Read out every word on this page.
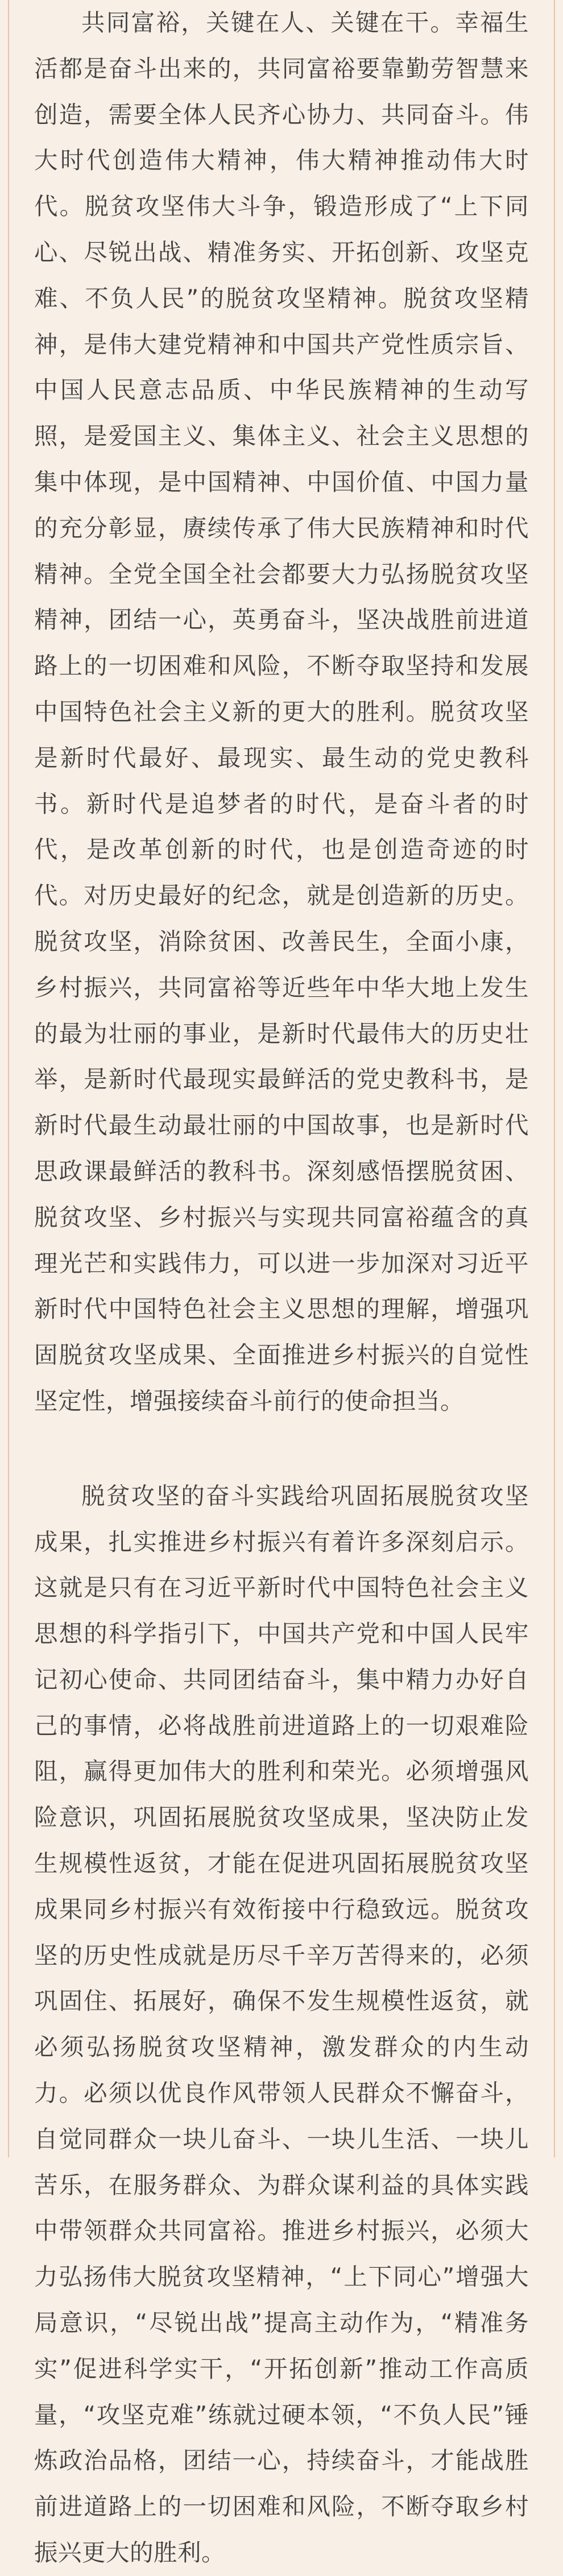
共同富裕，关键在人、关键在干。幸福生活都是奋斗出来的，共同富裕要靠勤劳智慧来创造，需要全体人民齐心协力、共同奋斗。伟大时代创造伟大精神，伟大精神推动伟大时代。脱贫攻坚伟大斗争，锻造形成了“上下同心、尽锐出战、精准务实、开拓创新、攻坚克难、不负人民”的脱贫攻坚精神。脱贫攻坚精神，是伟大建党精神和中国共产党性质宗旨、中国人民意志品质、中华民族精神的生动写照，是爱国主义、集体主义、社会主义思想的集中体现，是中国精神、中国价值、中国力量的充分彰显，赓续传承了伟大民族精神和时代精神。全党全国全社会都要大力弘扬脱贫攻坚精神，团结一心，英勇奋斗，坚决战胜前进道路上的一切困难和风险，不断夺取坚持和发展中国特色社会主义新的更大的胜利。脱贫攻坚是新时代最好、最现实、最生动的党史教科书。新时代是追梦者的时代，是奋斗者的时代，是改革创新的时代，也是创造奇迹的时代。对历史最好的纪念，就是创造新的历史。脱贫攻坚，消除贫困、改善民生，全面小康，乡村振兴，共同富裕等近些年中华大地上发生的最为壮丽的事业，是新时代最伟大的历史壮举，是新时代最现实最鲜活的党史教科书，是新时代最生动最壮丽的中国故事，也是新时代思政课最鲜活的教科书。深刻感悟摆脱贫困、脱贫攻坚、乡村振兴与实现共同富裕蕴含的真理光芒和实践伟力，可以进一步加深对习近平新时代中国特色社会主义思想的理解，增强巩固脱贫攻坚成果、全面推进乡村振兴的自觉性坚定性，增强接续奋斗前行的使命担当。

脱贫攻坚的奋斗实践给巩固拓展脱贫攻坚成果，扎实推进乡村振兴有着许多深刻启示。这就是只有在习近平新时代中国特色社会主义思想的科学指引下，中国共产党和中国人民牢记初心使命、共同团结奋斗，集中精力办好自己的事情，必将战胜前进道路上的一切艰难险阻，赢得更加伟大的胜利和荣光。必须增强风险意识，巩固拓展脱贫攻坚成果，坚决防止发生规模性返贫，才能在促进巩固拓展脱贫攻坚成果同乡村振兴有效衔接中行稳致远。脱贫攻坚的历史性成就是历尽千辛万苦得来的，必须巩固住、拓展好，确保不发生规模性返贫，就必须弘扬脱贫攻坚精神，激发群众的内生动力。必须以优良作风带领人民群众不懈奋斗，自觉同群众一块儿奋斗、一块儿生活、一块儿苦乐，在服务群众、为群众谋利益的具体实践中带领群众共同富裕。推进乡村振兴，必须大力弘扬伟大脱贫攻坚精神，“上下同心”增强大局意识，“尽锐出战”提高主动作为，“精准务实”促进科学实干，“开拓创新”推动工作高质量，“攻坚克难”练就过硬本领，“不负人民”锤炼政治品格，团结一心，持续奋斗，才能战胜前进道路上的一切困难和风险，不断夺取乡村振兴更大的胜利。
